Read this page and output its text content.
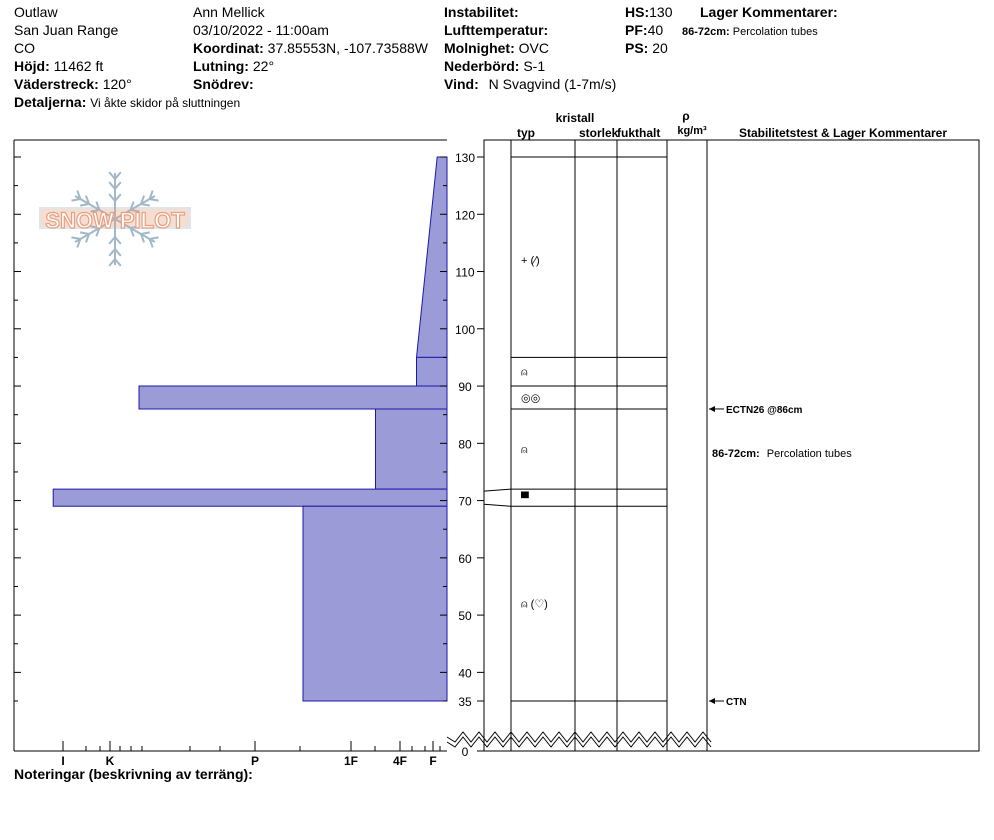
Outlaw
San Juan Range
CO
Höjd: 11462 ft
Väderstreck: 120°
Detaljerna: Vi åkte skidor på sluttningen
Ann Mellick
03/10/2022 - 11:00am
Koordinat: 37.85553N, -107.73588W
Lutning: 22°
Snödrev:
Instabilitet:
Lufttemperatur:
Molnighet: OVC
Nederbörd: S-1
Vind: N Svagvind (1-7m/s)
HS:130
PF:40
PS: 20
Lager Kommentarer:
86-72cm: Percolation tubes
Noteringar (beskrivning av terräng):
SNOW PILOT
130
120
110
100
90
80
70
60
50
40
35
0
I	K	P	1F	4F F
+ (⁄)
⍝
◎◎
⍝
▀
⍝ (♡)
ECTN26 @86cm
CTN
kristall
typ	storlek
fukthalt
ρ
kg/m³	Stabilitetstest & Lager Kommentarer
86-72cm: Percolation tubes
